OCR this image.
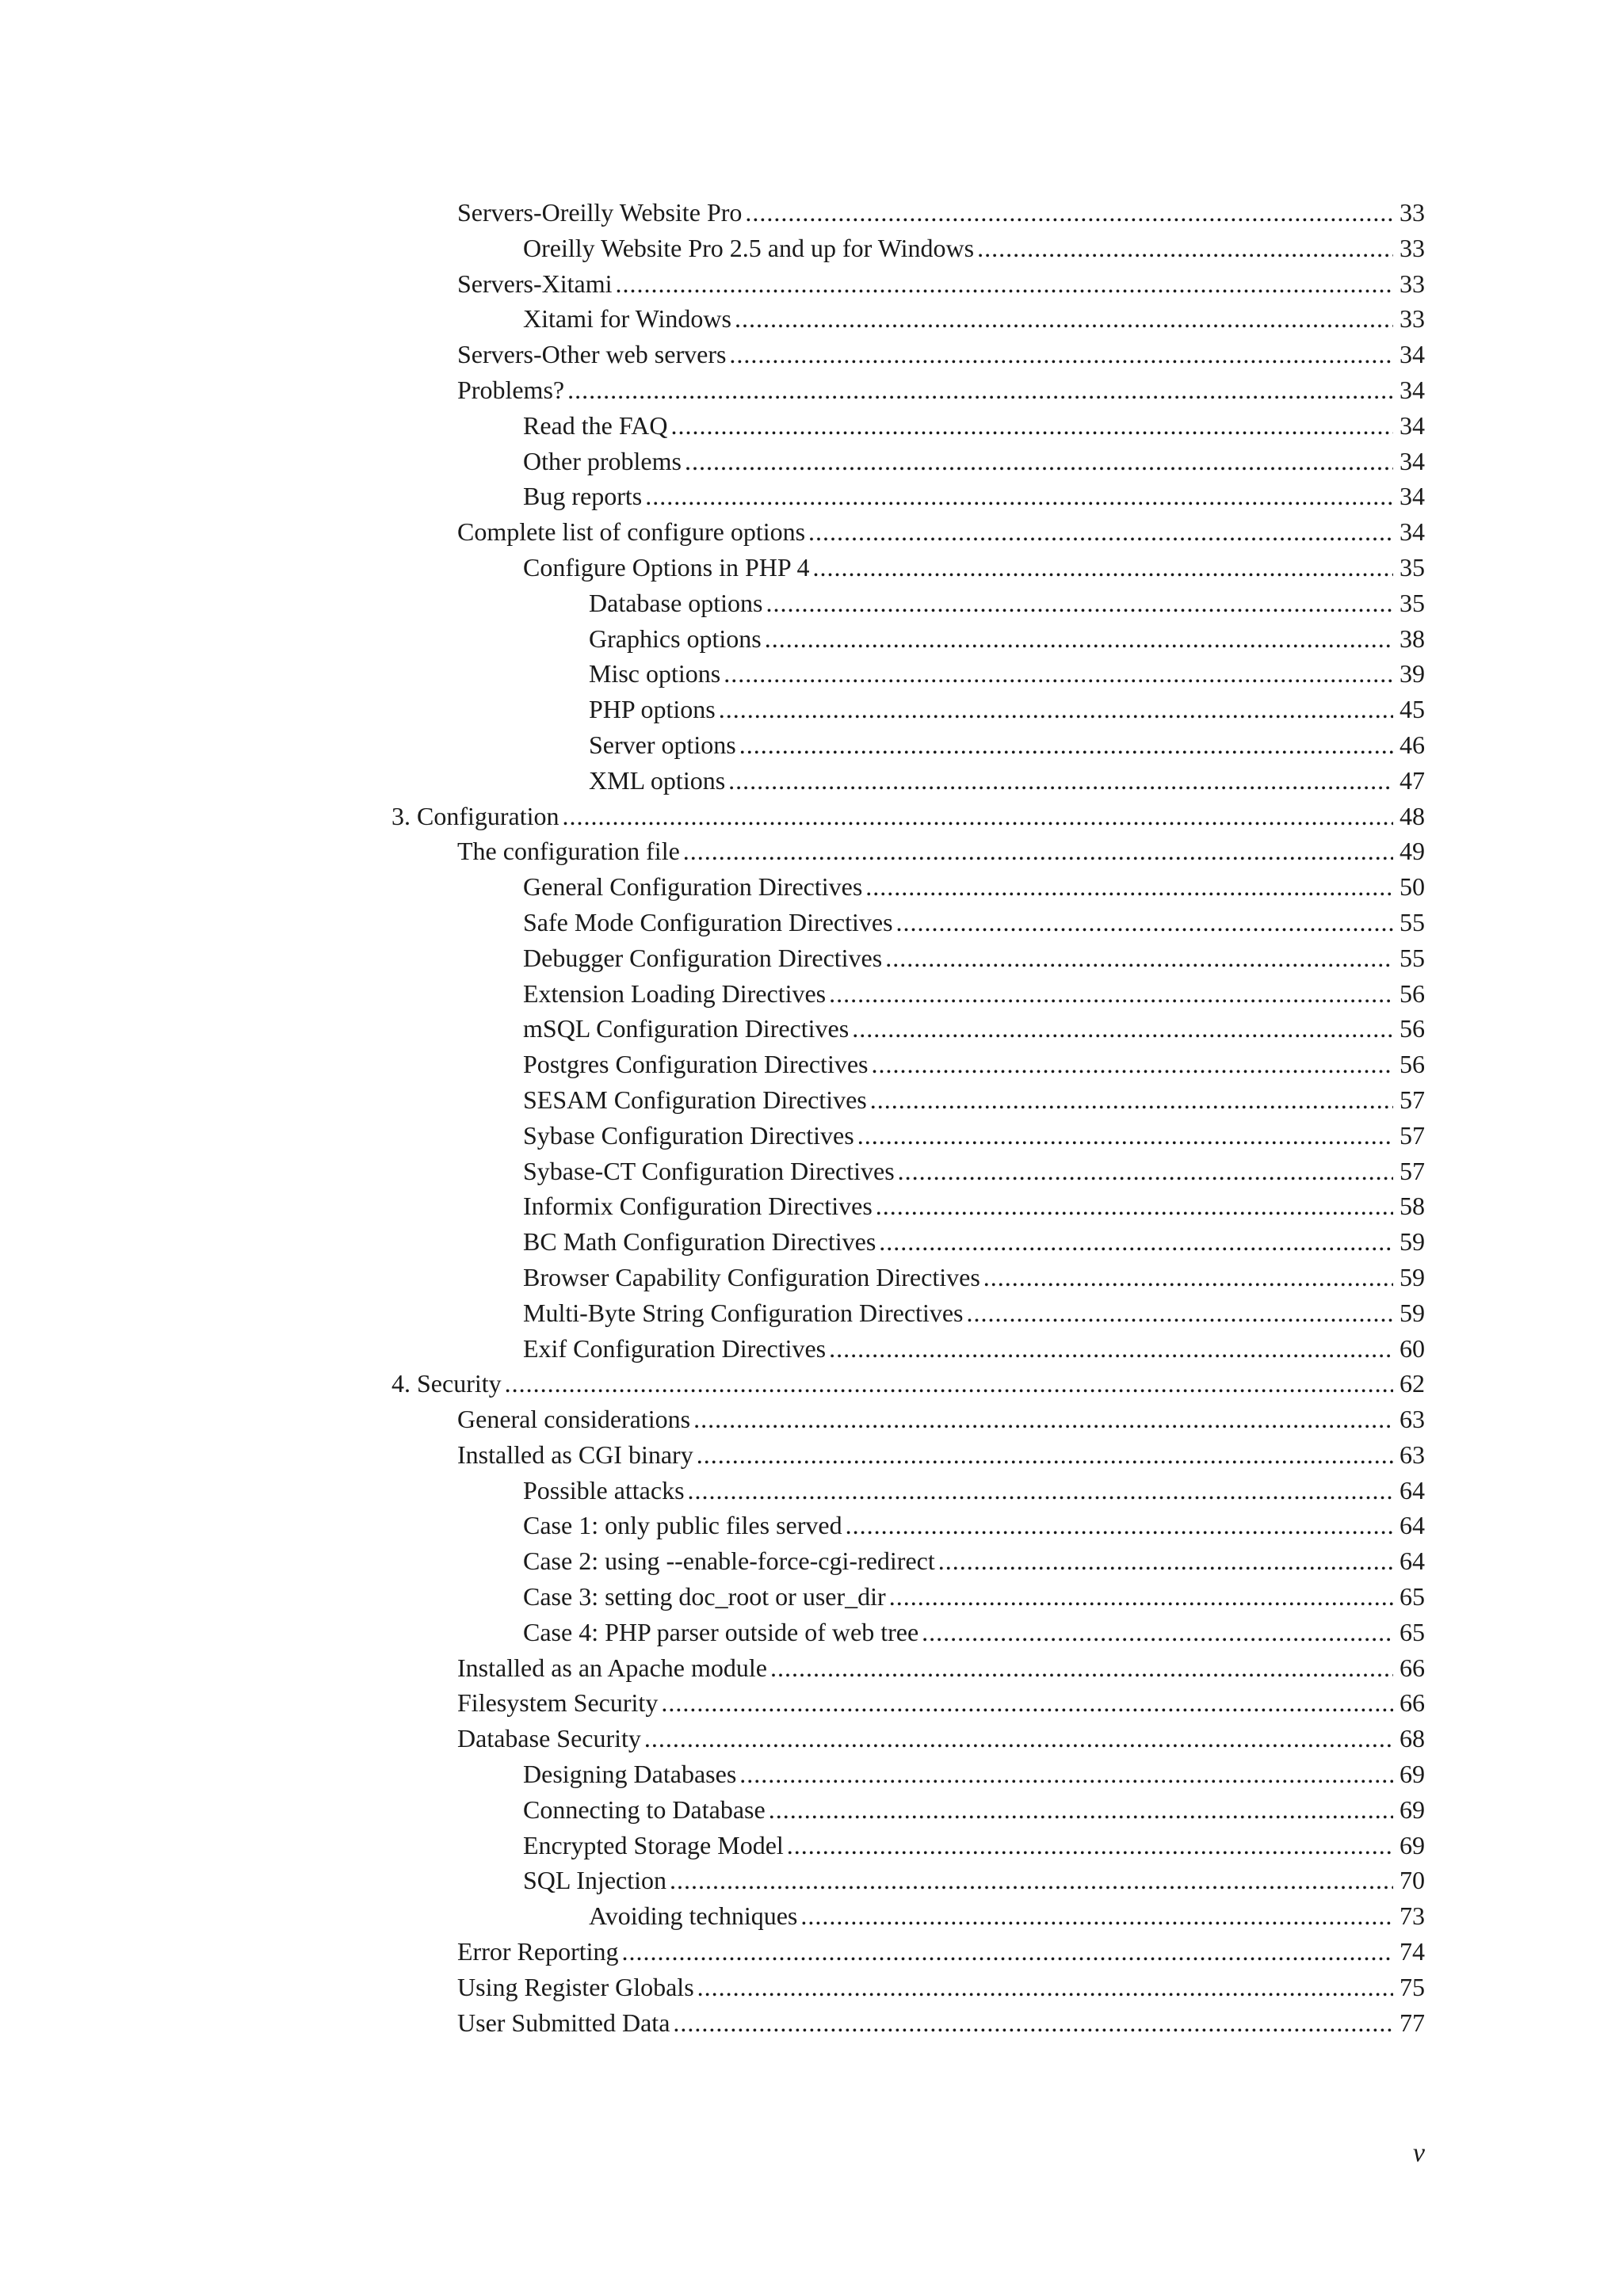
Servers-Oreilly Website Pro .....	33
Oreilly Website Pro 2.5 and up for Windows .....	33
Servers-Xitami .....	33
Xitami for Windows .....	33
Servers-Other web servers .....	34
Problems? .....	34
Read the FAQ .....	34
Other problems .....	34
Bug reports .....	34
Complete list of configure options .....	34
Configure Options in PHP 4 .....	35
Database options .....	35
Graphics options .....	38
Misc options .....	39
PHP options .....	45
Server options .....	46
XML options .....	47
3. Configuration .....	48
The configuration file .....	49
General Configuration Directives .....	50
Safe Mode Configuration Directives .....	55
Debugger Configuration Directives .....	55
Extension Loading Directives .....	56
mSQL Configuration Directives .....	56
Postgres Configuration Directives .....	56
SESAM Configuration Directives .....	57
Sybase Configuration Directives .....	57
Sybase-CT Configuration Directives .....	57
Informix Configuration Directives .....	58
BC Math Configuration Directives .....	59
Browser Capability Configuration Directives .....	59
Multi-Byte String Configuration Directives .....	59
Exif Configuration Directives .....	60
4. Security .....	62
General considerations .....	63
Installed as CGI binary .....	63
Possible attacks .....	64
Case 1: only public files served .....	64
Case 2: using --enable-force-cgi-redirect .....	64
Case 3: setting doc_root or user_dir .....	65
Case 4: PHP parser outside of web tree .....	65
Installed as an Apache module .....	66
Filesystem Security .....	66
Database Security .....	68
Designing Databases .....	69
Connecting to Database .....	69
Encrypted Storage Model .....	69
SQL Injection .....	70
Avoiding techniques .....	73
Error Reporting .....	74
Using Register Globals .....	75
User Submitted Data .....	77
v
